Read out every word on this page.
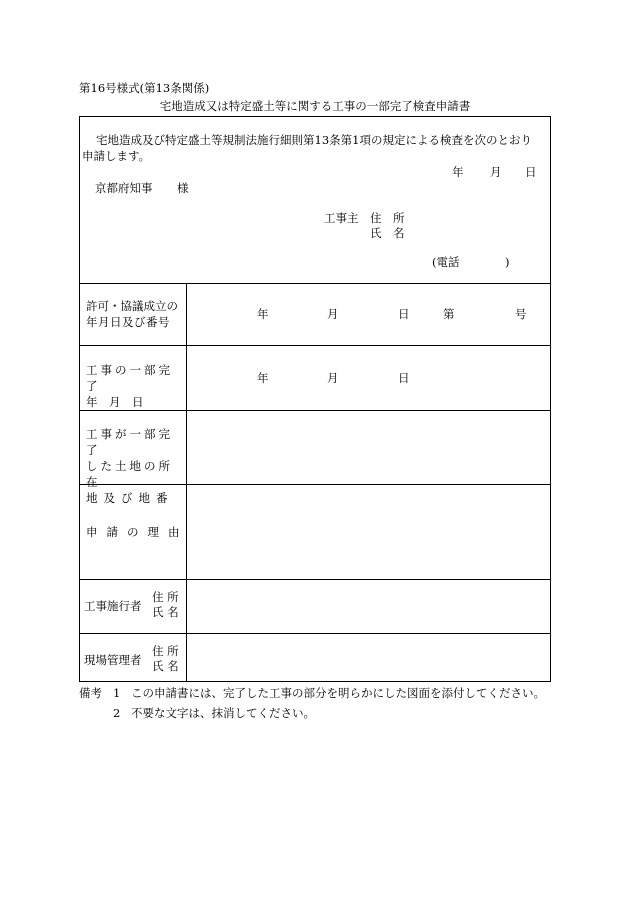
第16号様式(第13条関係)
宅地造成又は特定盛土等に関する工事の一部完了検査申請書
宅地造成及び特定盛土等規制法施行細則第13条第1項の規定による検査を次のとおり
申請します。
年 月 日
京都府知事 様
工事主 住　所
氏　名
(電話	)
許可・協議成立の
年月日及び番号
年	月	日	第	号
工事の一部完了
年　月　日
年	月	日
工事が一部完了
した土地の所在
地及び地番
申請の理由
工事施行者
住 所
氏 名
現場管理者
住 所
氏 名
備考 1 この申請書には、完了した工事の部分を明らかにした図面を添付してください。
2 不要な文字は、抹消してください。
